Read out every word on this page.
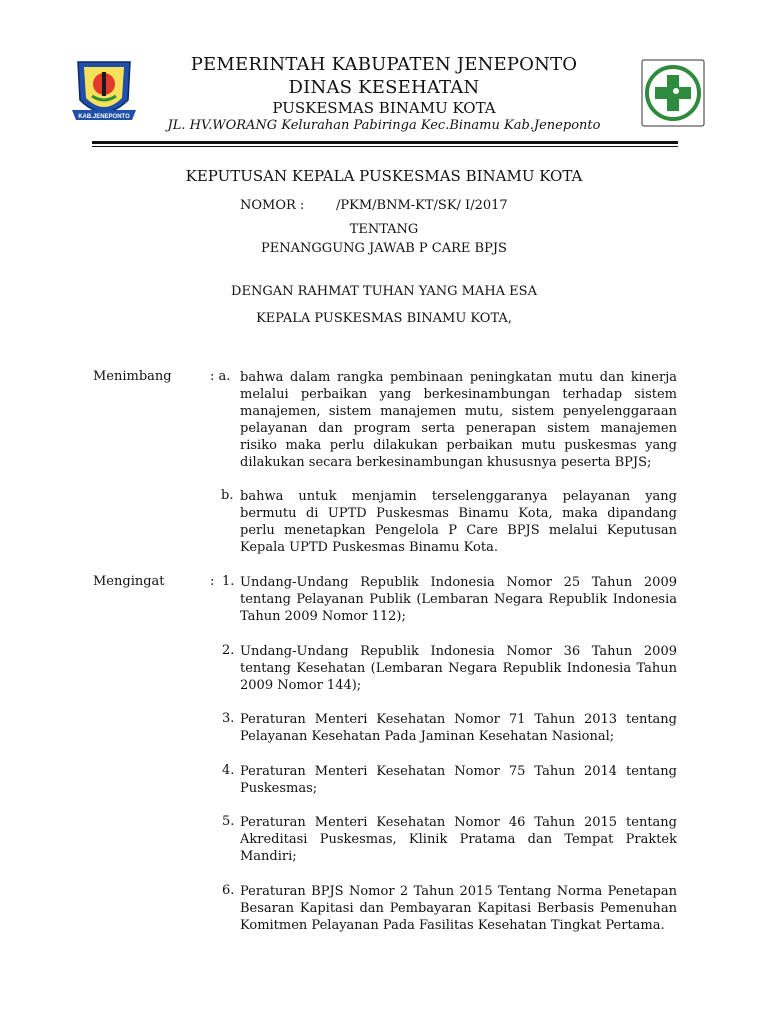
KAB.JENEPONTO
PEMERINTAH KABUPATEN JENEPONTO
DINAS KESEHATAN
PUSKESMAS BINAMU KOTA
JL. HV.WORANG Kelurahan Pabiringa Kec.Binamu Kab.Jeneponto
KEPUTUSAN KEPALA PUSKESMAS BINAMU KOTA
NOMOR : /PKM/BNM-KT/SK/ I/2017
TENTANG
PENANGGUNG JAWAB P CARE BPJS
DENGAN RAHMAT TUHAN YANG MAHA ESA
KEPALA PUSKESMAS BINAMU KOTA,
Menimbang	: a. bahwa dalam rangka pembinaan peningkatan mutu dan kinerja melalui perbaikan yang berkesinambungan terhadap sistem manajemen, sistem manajemen mutu, sistem penyelenggaraan pelayanan dan program serta penerapan sistem manajemen risiko maka perlu dilakukan perbaikan mutu puskesmas yang dilakukan secara berkesinambungan khususnya peserta BPJS;

b. bahwa untuk menjamin terselenggaranya pelayanan yang bermutu di UPTD Puskesmas Binamu Kota, maka dipandang perlu menetapkan Pengelola P Care BPJS melalui Keputusan Kepala UPTD Puskesmas Binamu Kota.

Mengingat	: 1. Undang-Undang Republik Indonesia Nomor 25 Tahun 2009 tentang Pelayanan Publik (Lembaran Negara Republik Indonesia Tahun 2009 Nomor 112);

2. Undang-Undang Republik Indonesia Nomor 36 Tahun 2009 tentang Kesehatan (Lembaran Negara Republik Indonesia Tahun 2009 Nomor 144);

3. Peraturan Menteri Kesehatan Nomor 71 Tahun 2013 tentang Pelayanan Kesehatan Pada Jaminan Kesehatan Nasional;

4. Peraturan Menteri Kesehatan Nomor 75 Tahun 2014 tentang Puskesmas;

5. Peraturan Menteri Kesehatan Nomor 46 Tahun 2015 tentang Akreditasi Puskesmas, Klinik Pratama dan Tempat Praktek Mandiri;

6. Peraturan BPJS Nomor 2 Tahun 2015 Tentang Norma Penetapan Besaran Kapitasi dan Pembayaran Kapitasi Berbasis Pemenuhan Komitmen Pelayanan Pada Fasilitas Kesehatan Tingkat Pertama.
